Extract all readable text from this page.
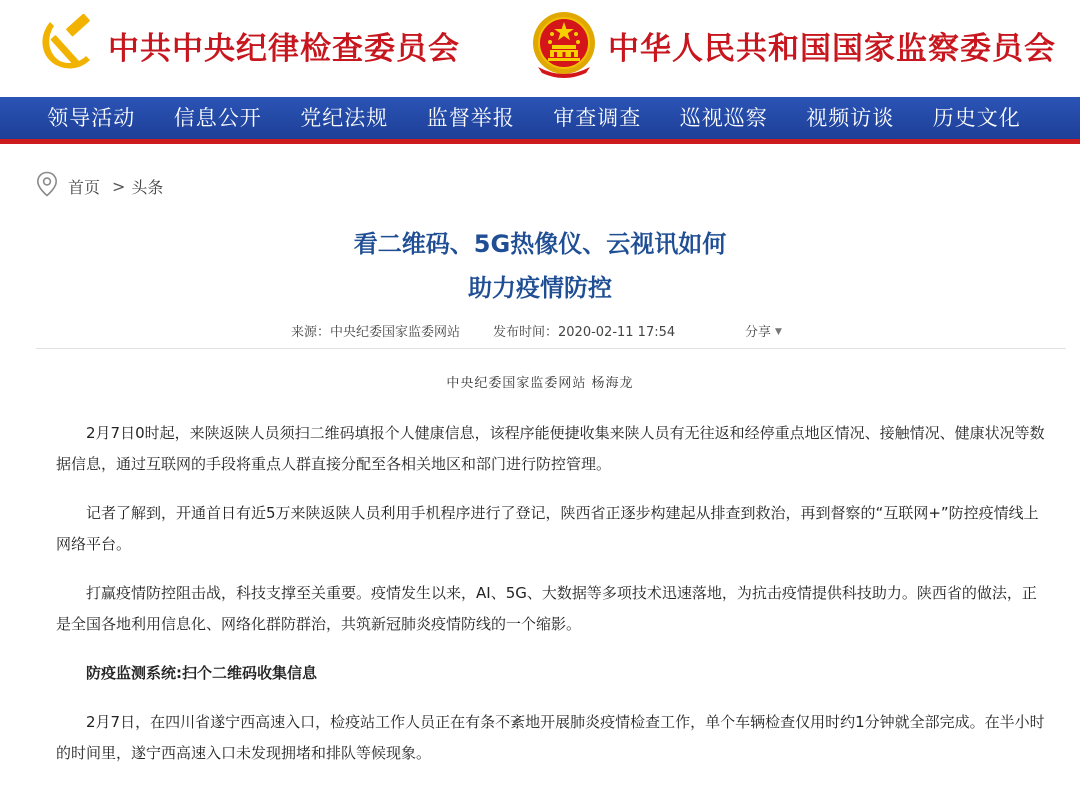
中共中央纪律检查委员会	中华人民共和国国家监察委员会
领导活动	信息公开	党纪法规	监督举报	审查调查	巡视巡察	视频访谈	历史文化
首页 > 头条
看二维码、5G热像仪、云视讯如何
助力疫情防控
来源：中央纪委国家监委网站	发布时间：2020-02-11 17:54	分享 ▼
中央纪委国家监委网站 杨海龙

2月7日0时起，来陕返陕人员须扫二维码填报个人健康信息，该程序能便捷收集来陕人员有无往返和经停重点地区情况、接触情况、健康状况等数据信息，通过互联网的手段将重点人群直接分配至各相关地区和部门进行防控管理。

记者了解到，开通首日有近5万来陕返陕人员利用手机程序进行了登记，陕西省正逐步构建起从排查到救治，再到督察的“互联网+”防控疫情线上网络平台。

打赢疫情防控阻击战，科技支撑至关重要。疫情发生以来，AI、5G、大数据等多项技术迅速落地，为抗击疫情提供科技助力。陕西省的做法，正是全国各地利用信息化、网络化群防群治，共筑新冠肺炎疫情防线的一个缩影。

防疫监测系统:扫个二维码收集信息

2月7日，在四川省遂宁西高速入口，检疫站工作人员正在有条不紊地开展肺炎疫情检查工作，单个车辆检查仅用时约1分钟就全部完成。在半小时的时间里，遂宁西高速入口未发现拥堵和排队等候现象。
